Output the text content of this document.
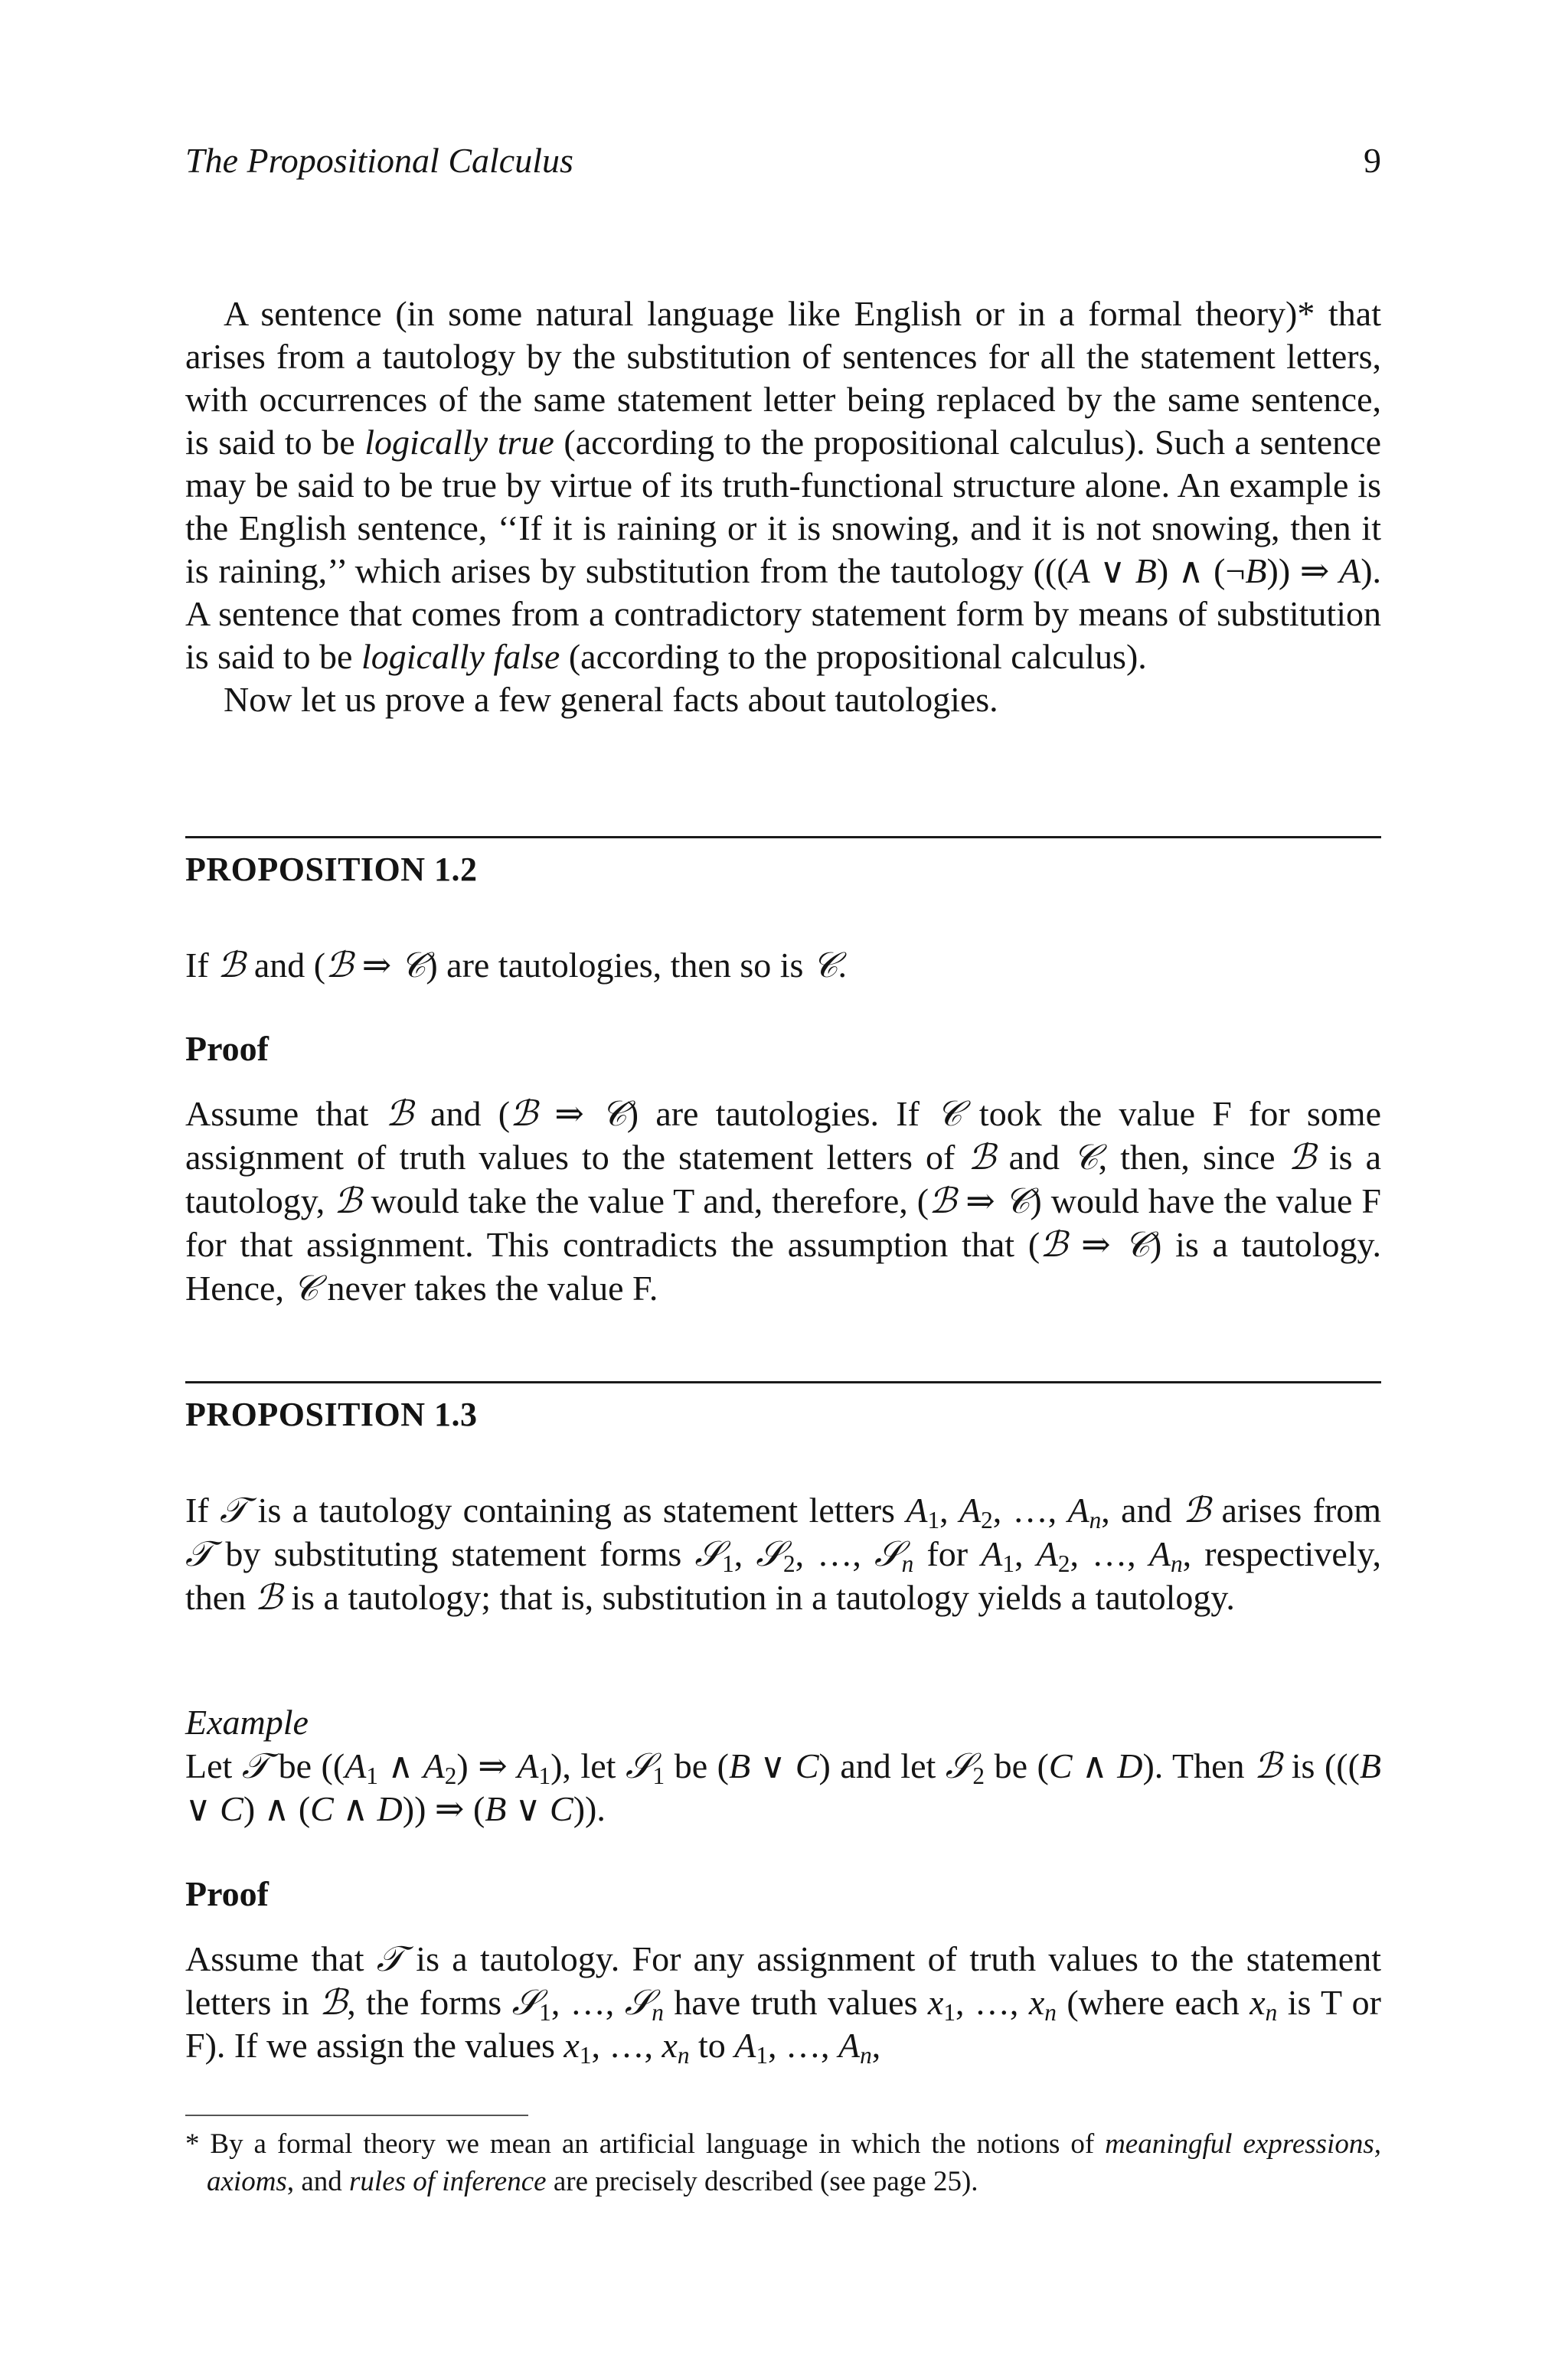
The Propositional Calculus	9

A sentence (in some natural language like English or in a formal theory)* that arises from a tautology by the substitution of sentences for all the statement letters, with occurrences of the same statement letter being replaced by the same sentence, is said to be logically true (according to the propositional calculus). Such a sentence may be said to be true by virtue of its truth-functional structure alone. An example is the English sentence, ‘‘If it is raining or it is snowing, and it is not snowing, then it is raining,’’ which arises by substitution from the tautology (((A ∨ B) ∧ (¬B)) ⇒ A). A sentence that comes from a contradictory statement form by means of substitution is said to be logically false (according to the propositional calculus).

Now let us prove a few general facts about tautologies.

PROPOSITION 1.2

If ℬ and (ℬ ⇒ 𝒞) are tautologies, then so is 𝒞.

Proof

Assume that ℬ and (ℬ ⇒ 𝒞) are tautologies. If 𝒞 took the value F for some assignment of truth values to the statement letters of ℬ and 𝒞, then, since ℬ is a tautology, ℬ would take the value T and, therefore, (ℬ ⇒ 𝒞) would have the value F for that assignment. This contradicts the assumption that (ℬ ⇒ 𝒞) is a tautology. Hence, 𝒞 never takes the value F.

PROPOSITION 1.3

If 𝒯 is a tautology containing as statement letters $A_1$, $A_2$, …, $A_n$, and ℬ arises from 𝒯 by substituting statement forms 𝒮$_1$, 𝒮$_2$, …, 𝒮$_n$ for $A_1$, $A_2$, …, $A_n$, respectively, then ℬ is a tautology; that is, substitution in a tautology yields a tautology.

Example

Let 𝒯 be (($A_1$ ∧ $A_2$) ⇒ $A_1$), let 𝒮$_1$ be (B ∨ C) and let 𝒮$_2$ be (C ∧ D). Then ℬ is (((B ∨ C) ∧ (C ∧ D)) ⇒ (B ∨ C)).

Proof

Assume that 𝒯 is a tautology. For any assignment of truth values to the statement letters in ℬ, the forms 𝒮$_1$, …, 𝒮$_n$ have truth values $x_1$, …, $x_n$ (where each $x_n$ is T or F). If we assign the values $x_1$, …, $x_n$ to $A_1$, …, $A_n$,

* By a formal theory we mean an artificial language in which the notions of meaningful expressions, axioms, and rules of inference are precisely described (see page 25).
